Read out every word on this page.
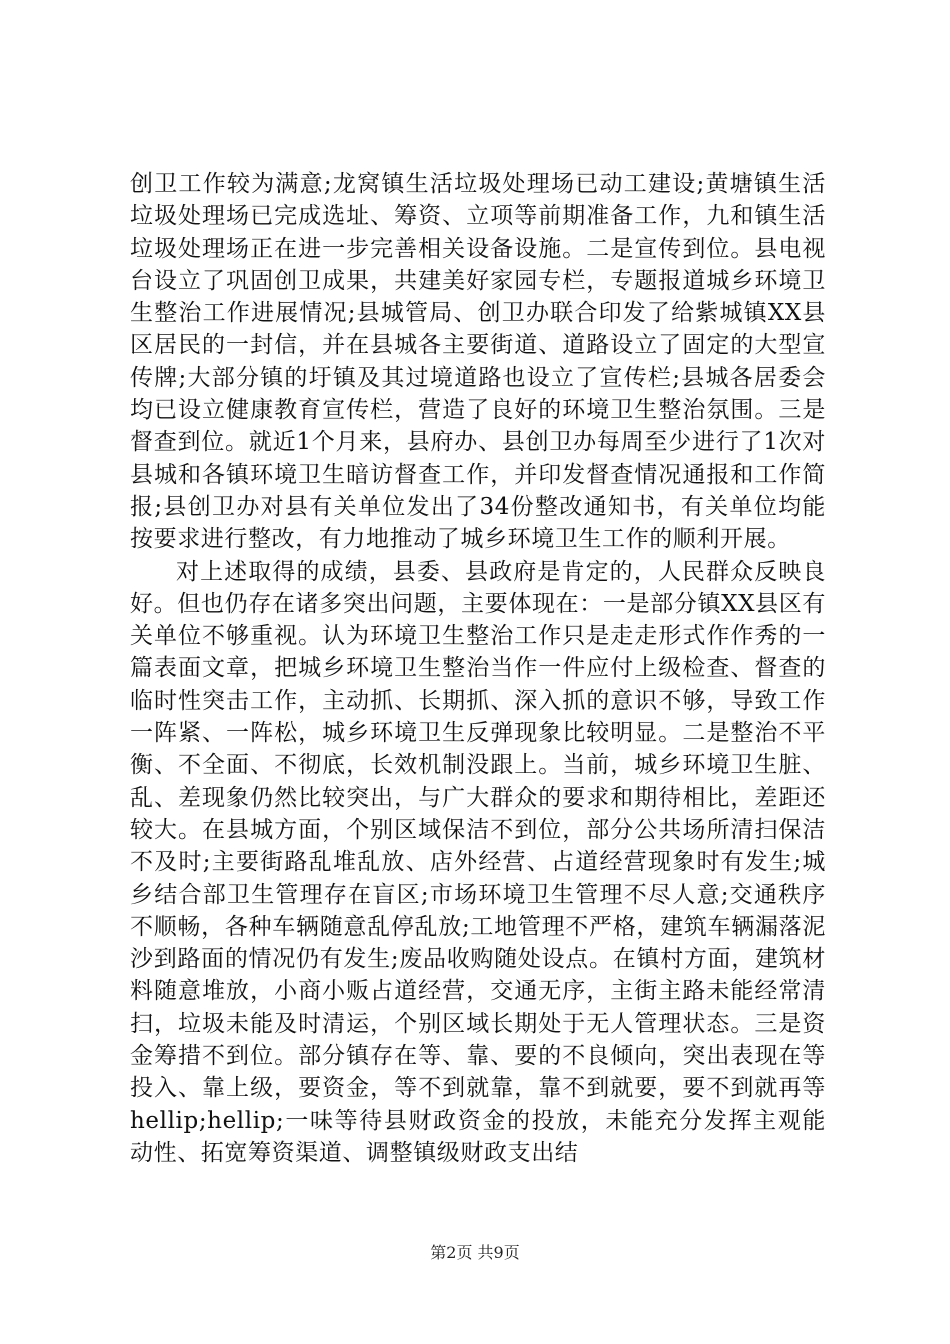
创卫工作较为满意;龙窝镇生活垃圾处理场已动工建设;黄塘镇生活垃圾处理场已完成选址、筹资、立项等前期准备工作，九和镇生活垃圾处理场正在进一步完善相关设备设施。二是宣传到位。县电视台设立了巩固创卫成果，共建美好家园专栏，专题报道城乡环境卫生整治工作进展情况;县城管局、创卫办联合印发了给紫城镇XX县区居民的一封信，并在县城各主要街道、道路设立了固定的大型宣传牌;大部分镇的圩镇及其过境道路也设立了宣传栏;县城各居委会均已设立健康教育宣传栏，营造了良好的环境卫生整治氛围。三是督查到位。就近1个月来，县府办、县创卫办每周至少进行了1次对县城和各镇环境卫生暗访督查工作，并印发督查情况通报和工作简报;县创卫办对县有关单位发出了34份整改通知书，有关单位均能按要求进行整改，有力地推动了城乡环境卫生工作的顺利开展。

对上述取得的成绩，县委、县政府是肯定的，人民群众反映良好。但也仍存在诸多突出问题，主要体现在：一是部分镇XX县区有关单位不够重视。认为环境卫生整治工作只是走走形式作作秀的一篇表面文章，把城乡环境卫生整治当作一件应付上级检查、督查的临时性突击工作，主动抓、长期抓、深入抓的意识不够，导致工作一阵紧、一阵松，城乡环境卫生反弹现象比较明显。二是整治不平衡、不全面、不彻底，长效机制没跟上。当前，城乡环境卫生脏、乱、差现象仍然比较突出，与广大群众的要求和期待相比，差距还较大。在县城方面，个别区域保洁不到位，部分公共场所清扫保洁不及时;主要街路乱堆乱放、店外经营、占道经营现象时有发生;城乡结合部卫生管理存在盲区;市场环境卫生管理不尽人意;交通秩序不顺畅，各种车辆随意乱停乱放;工地管理不严格，建筑车辆漏落泥沙到路面的情况仍有发生;废品收购随处设点。在镇村方面，建筑材料随意堆放，小商小贩占道经营，交通无序，主街主路未能经常清扫，垃圾未能及时清运，个别区域长期处于无人管理状态。三是资金筹措不到位。部分镇存在等、靠、要的不良倾向，突出表现在等投入、靠上级，要资金，等不到就靠，靠不到就要，要不到就再等hellip;hellip;一味等待县财政资金的投放，未能充分发挥主观能动性、拓宽筹资渠道、调整镇级财政支出结

第2页 共9页
